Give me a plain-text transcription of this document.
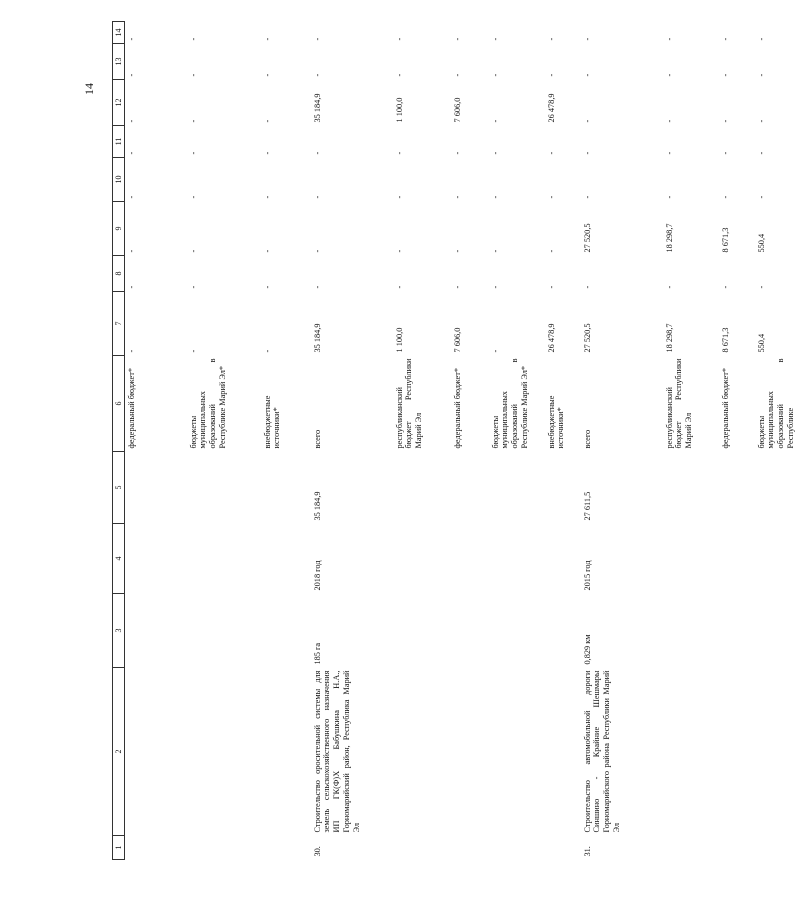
14
1	2	3	4	5	6	7	8	9	10	11	12	13	14
					федеральный бюджет*	-	-	-	-	-	-	-	-
					бюджеты муниципальных образований в Республике Марий Эл*	-	-	-	-	-	-	-	-
					внебюджетные источники*	-	-	-	-	-	-	-	-
30.	Строительство оросительной системы для земель сельскохозяйственного назначения ИП ГК(Ф)Х Бабушкина Н.А., Горномарийский район, Республика Марий Эл	185 га	2018 год	35 184,9	всего	35 184,9	-	-	-	-	35 184,9	-	-
					республиканский бюджет Республики Марий Эл	1 100,0	-	-	-	-	1 100,0	-	-
					федеральный бюджет*	7 606,0	-	-	-	-	7 606,0	-	-
					бюджеты муниципальных образований в Республике Марий Эл*	-	-	-	-	-	-	-	-
					внебюджетные источники*	26 478,9	-	-	-	-	26 478,9	-	-
31.	Строительство автомобильной дороги Синшино - Крайние Шешмары Горномарийского района Республики Марий Эл	0,829 км	2015 год	27 611,5	всего	27 520,5	-	27 520,5	-	-	-	-	-
					республиканский бюджет Республики Марий Эл	18 298,7	-	18 298,7	-	-	-	-	-
					федеральный бюджет*	8 671,3	-	8 671,3	-	-	-	-	-
					бюджеты муниципальных образований в Республике	550,4	-	550,4	-	-	-	-	-
